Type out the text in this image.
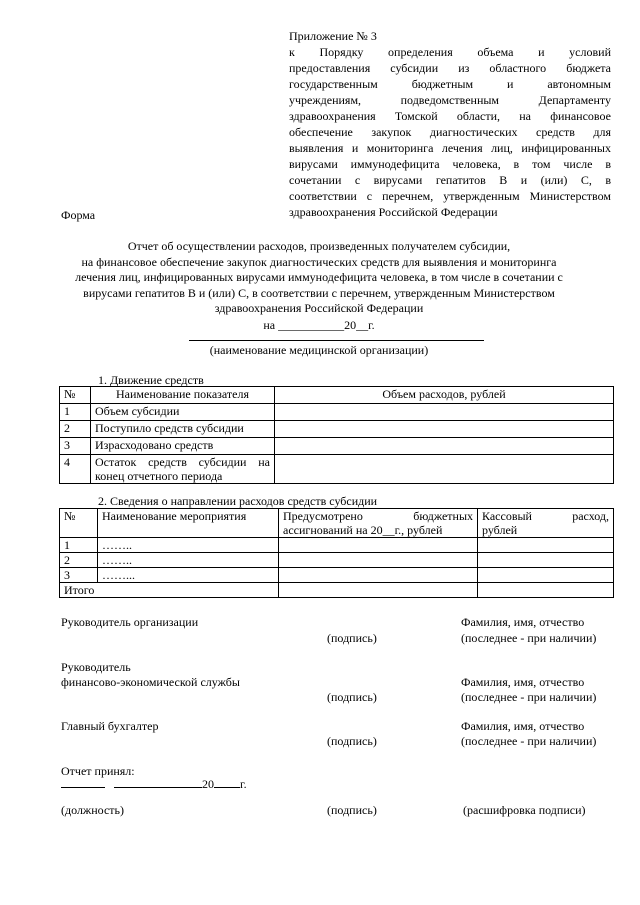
Приложение № 3
к Порядку определения объема и условий
предоставления субсидии из областного бюджета
государственным бюджетным и автономным
учреждениям, подведомственным Департаменту
здравоохранения Томской области, на финансовое
обеспечение закупок диагностических средств для
выявления и мониторинга лечения лиц, инфицированных
вирусами иммунодефицита человека, в том числе в
сочетании с вирусами гепатитов B и (или) C, в
соответствии с перечнем, утвержденным Министерством
здравоохранения Российской Федерации
Форма
Отчет об осуществлении расходов, произведенных получателем субсидии,
на финансовое обеспечение закупок диагностических средств для выявления и мониторинга
лечения лиц, инфицированных вирусами иммунодефицита человека, в том числе в сочетании с
вирусами гепатитов B и (или) C, в соответствии с перечнем, утвержденным Министерством
здравоохранения Российской Федерации
на ___________20__г.
(наименование медицинской организации)
1. Движение средств
№	Наименование показателя	Объем расходов, рублей
1	Объем субсидии	
2	Поступило средств субсидии	
3	Израсходовано средств	
4	Остаток средств субсидии на конец отчетного периода	
2. Сведения о направлении расходов средств субсидии
№	Наименование мероприятия	Предусмотрено бюджетных ассигнований на 20__г., рублей	Кассовый расход, рублей
1	……..		
2	……..		
3	……...		
Итого			
Руководитель организации
(подпись)
Фамилия, имя, отчество
(последнее - при наличии)
Руководитель
финансово-экономической службы
(подпись)
Фамилия, имя, отчество
(последнее - при наличии)
Главный бухгалтер
(подпись)
Фамилия, имя, отчество
(последнее - при наличии)
Отчет принял:
20 г.
(должность)	(подпись)	(расшифровка подписи)
